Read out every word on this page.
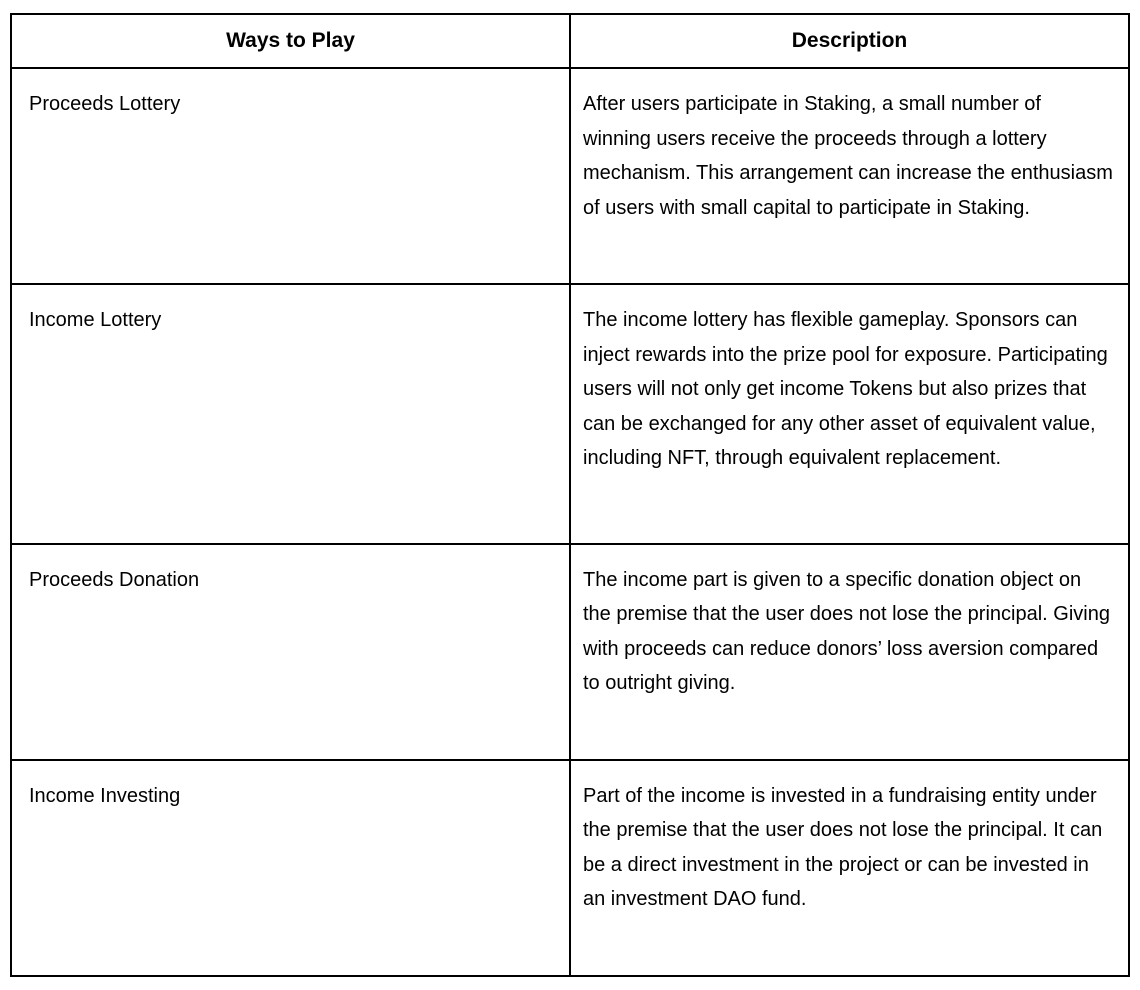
Ways to Play	Description
Proceeds Lottery	After users participate in Staking, a small number of winning users receive the proceeds through a lottery mechanism. This arrangement can increase the enthusiasm of users with small capital to participate in Staking.
Income Lottery	The income lottery has flexible gameplay. Sponsors can inject rewards into the prize pool for exposure. Participating users will not only get income Tokens but also prizes that can be exchanged for any other asset of equivalent value, including NFT, through equivalent replacement.
Proceeds Donation	The income part is given to a specific donation object on the premise that the user does not lose the principal. Giving with proceeds can reduce donors’ loss aversion compared to outright giving.
Income Investing	Part of the income is invested in a fundraising entity under the premise that the user does not lose the principal. It can be a direct investment in the project or can be invested in an investment DAO fund.
